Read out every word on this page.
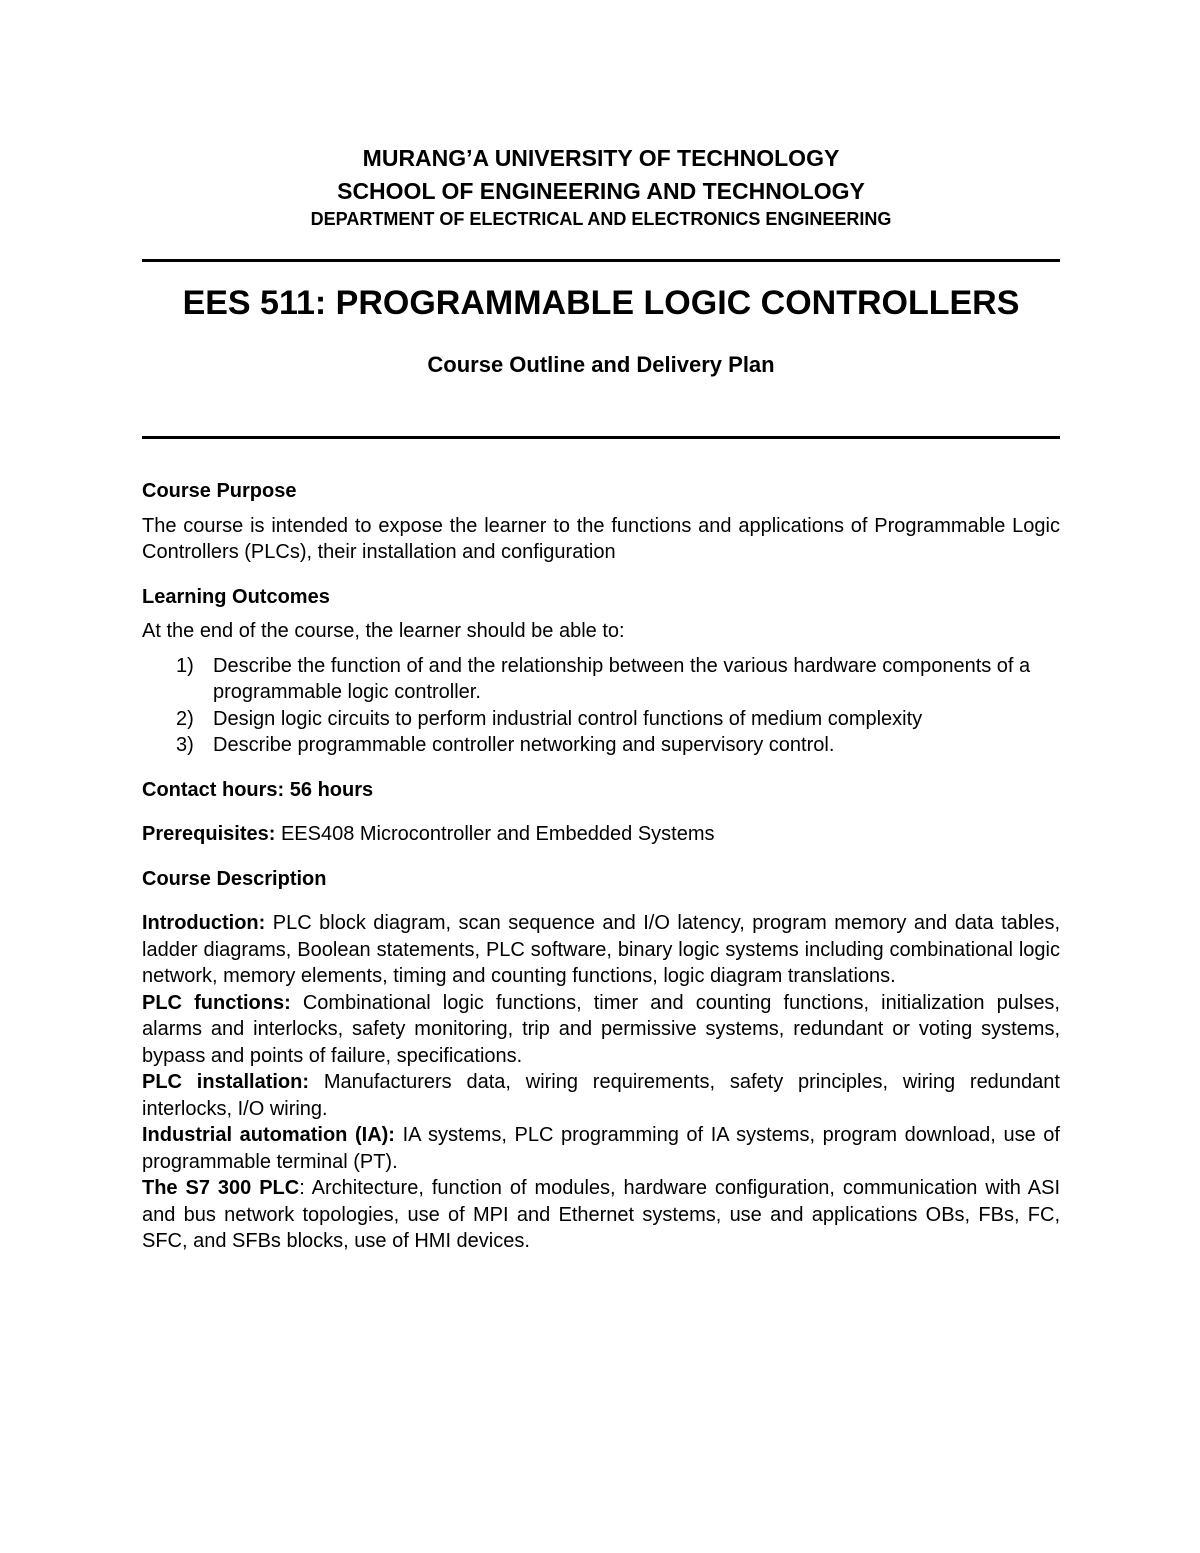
MURANG’A UNIVERSITY OF TECHNOLOGY
SCHOOL OF ENGINEERING AND TECHNOLOGY
DEPARTMENT OF ELECTRICAL AND ELECTRONICS ENGINEERING
EES 511: PROGRAMMABLE LOGIC CONTROLLERS
Course Outline and Delivery Plan

Course Purpose

The course is intended to expose the learner to the functions and applications of Programmable Logic Controllers (PLCs), their installation and configuration

Learning Outcomes

At the end of the course, the learner should be able to:

1) Describe the function of and the relationship between the various hardware components of a programmable logic controller.
2) Design logic circuits to perform industrial control functions of medium complexity
3) Describe programmable controller networking and supervisory control.

Contact hours: 56 hours

Prerequisites: EES408 Microcontroller and Embedded Systems

Course Description

Introduction: PLC block diagram, scan sequence and I/O latency, program memory and data tables, ladder diagrams, Boolean statements, PLC software, binary logic systems including combinational logic network, memory elements, timing and counting functions, logic diagram translations.

PLC functions: Combinational logic functions, timer and counting functions, initialization pulses, alarms and interlocks, safety monitoring, trip and permissive systems, redundant or voting systems, bypass and points of failure, specifications.

PLC installation: Manufacturers data, wiring requirements, safety principles, wiring redundant interlocks, I/O wiring.

Industrial automation (IA): IA systems, PLC programming of IA systems, program download, use of programmable terminal (PT).

The S7 300 PLC: Architecture, function of modules, hardware configuration, communication with ASI and bus network topologies, use of MPI and Ethernet systems, use and applications OBs, FBs, FC, SFC, and SFBs blocks, use of HMI devices.
